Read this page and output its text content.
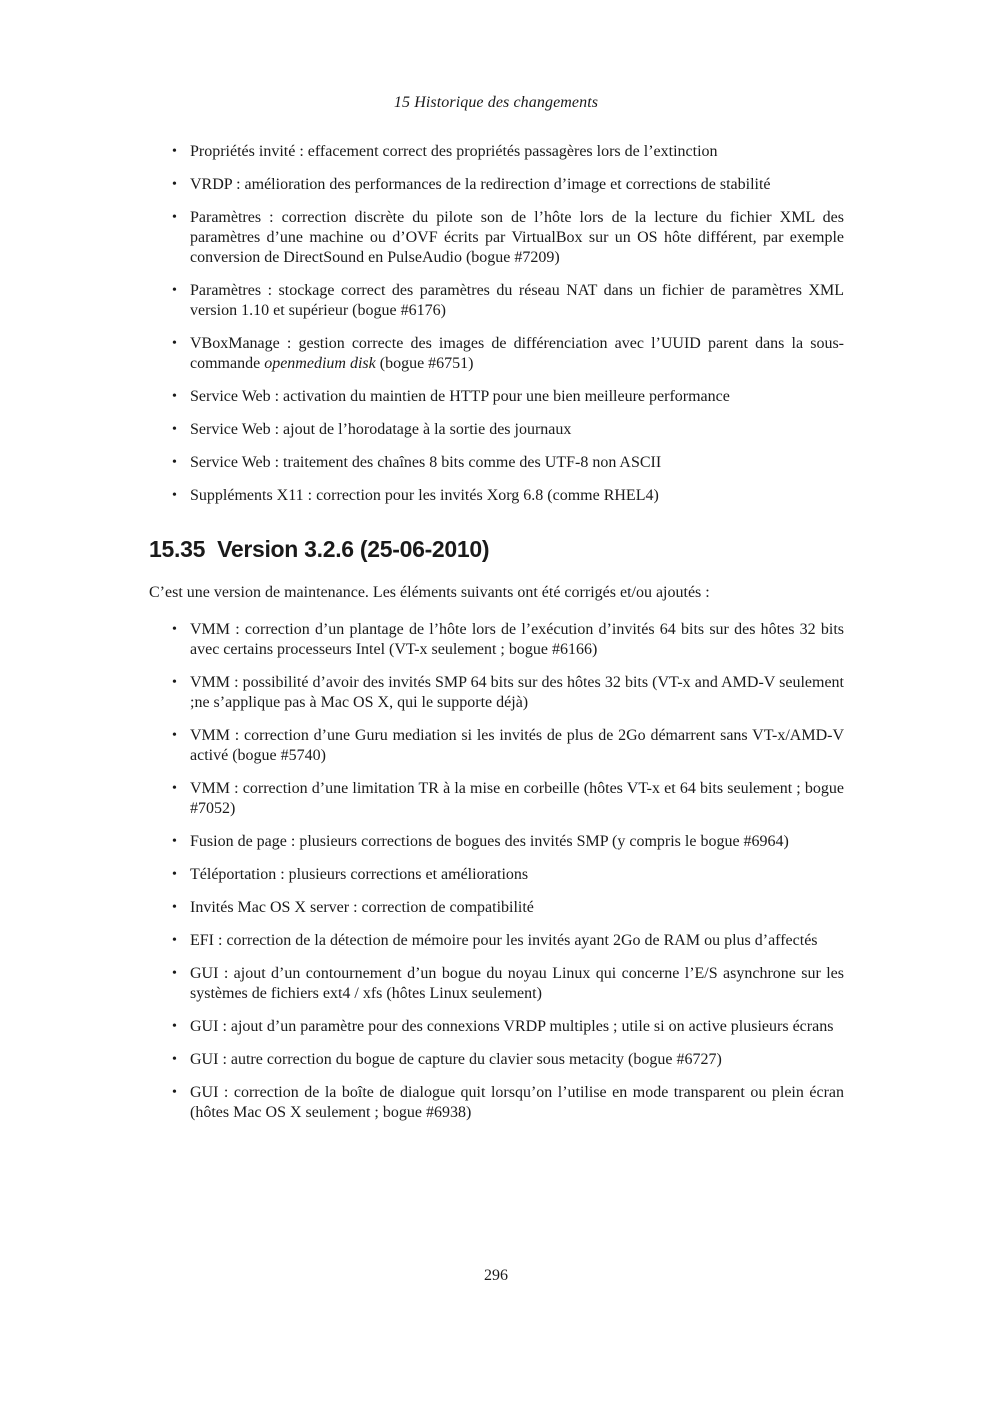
15 Historique des changements
• Propriétés invité : effacement correct des propriétés passagères lors de l’extinction
• VRDP : amélioration des performances de la redirection d’image et corrections de stabilité
• Paramètres : correction discrète du pilote son de l’hôte lors de la lecture du fichier XML des paramètres d’une machine ou d’OVF écrits par VirtualBox sur un OS hôte différent, par exemple conversion de DirectSound en PulseAudio (bogue #7209)
• Paramètres : stockage correct des paramètres du réseau NAT dans un fichier de paramètres XML version 1.10 et supérieur (bogue #6176)
• VBoxManage : gestion correcte des images de différenciation avec l’UUID parent dans la sous-commande openmedium disk (bogue #6751)
• Service Web : activation du maintien de HTTP pour une bien meilleure performance
• Service Web : ajout de l’horodatage à la sortie des journaux
• Service Web : traitement des chaînes 8 bits comme des UTF-8 non ASCII
• Suppléments X11 : correction pour les invités Xorg 6.8 (comme RHEL4)
15.35 Version 3.2.6 (25-06-2010)

C’est une version de maintenance. Les éléments suivants ont été corrigés et/ou ajoutés :

• VMM : correction d’un plantage de l’hôte lors de l’exécution d’invités 64 bits sur des hôtes 32 bits avec certains processeurs Intel (VT-x seulement ; bogue #6166)
• VMM : possibilité d’avoir des invités SMP 64 bits sur des hôtes 32 bits (VT-x and AMD-V seulement ;ne s’applique pas à Mac OS X, qui le supporte déjà)
• VMM : correction d’une Guru mediation si les invités de plus de 2Go démarrent sans VT-x/AMD-V activé (bogue #5740)
• VMM : correction d’une limitation TR à la mise en corbeille (hôtes VT-x et 64 bits seulement ; bogue #7052)
• Fusion de page : plusieurs corrections de bogues des invités SMP (y compris le bogue #6964)
• Téléportation : plusieurs corrections et améliorations
• Invités Mac OS X server : correction de compatibilité
• EFI : correction de la détection de mémoire pour les invités ayant 2Go de RAM ou plus d’affectés
• GUI : ajout d’un contournement d’un bogue du noyau Linux qui concerne l’E/S asynchrone sur les systèmes de fichiers ext4 / xfs (hôtes Linux seulement)
• GUI : ajout d’un paramètre pour des connexions VRDP multiples ; utile si on active plusieurs écrans
• GUI : autre correction du bogue de capture du clavier sous metacity (bogue #6727)
• GUI : correction de la boîte de dialogue quit lorsqu’on l’utilise en mode transparent ou plein écran (hôtes Mac OS X seulement ; bogue #6938)
296
